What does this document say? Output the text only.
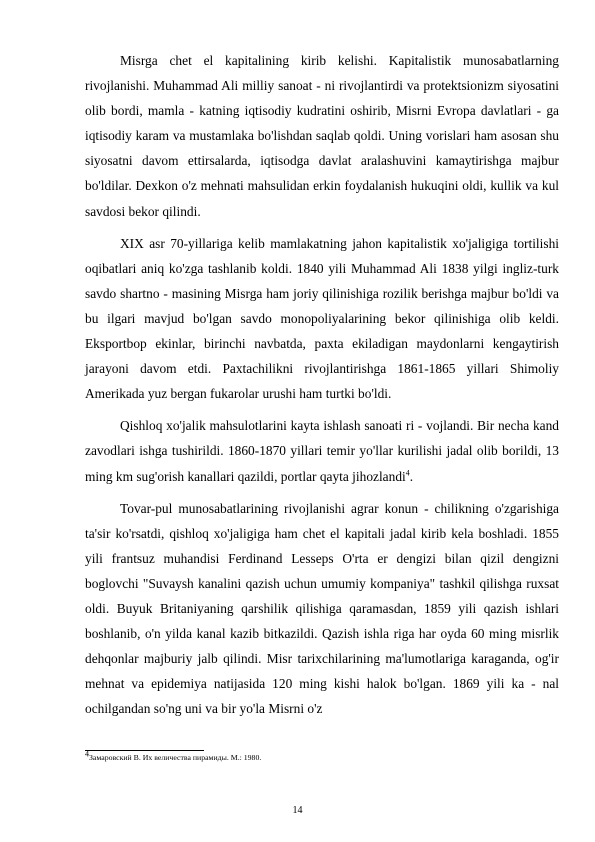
Misrga chet el kapitalining kirib kelishi. Kapitalistik munosabatlarning rivojlanishi. Muhammad Ali milliy sanoat - ni rivojlantirdi va protektsionizm siyosatini olib bordi, mamla - katning iqtisodiy kudratini oshirib, Misrni Evropa davlatlari - ga iqtisodiy karam va mustamlaka bo'lishdan saqlab qoldi. Uning vorislari ham asosan shu siyosatni davom ettirsalarda, iqtisodga davlat aralashuvini kamaytirishga majbur bo'ldilar. Dexkon o'z mehnati mahsulidan erkin foydalanish hukuqini oldi, kullik va kul savdosi bekor qilindi.

XIX asr 70-yillariga kelib mamlakatning jahon kapitalistik xo'jaligiga tortilishi oqibatlari aniq ko'zga tashlanib koldi. 1840 yili Muhammad Ali 1838 yilgi ingliz-turk savdo shartno - masining Misrga ham joriy qilinishiga rozilik berishga majbur bo'ldi va bu ilgari mavjud bo'lgan savdo monopoliyalarining bekor qilinishiga olib keldi. Eksportbop ekinlar, birinchi navbatda, paxta ekiladigan maydonlarni kengaytirish jarayoni davom etdi. Paxtachilikni rivojlantirishga 1861-1865 yillari Shimoliy Amerikada yuz bergan fukarolar urushi ham turtki bo'ldi.

Qishloq xo'jalik mahsulotlarini kayta ishlash sanoati ri - vojlandi. Bir necha kand zavodlari ishga tushirildi. 1860-1870 yillari temir yo'llar kurilishi jadal olib borildi, 13 ming km sug'orish kanallari qazildi, portlar qayta jihozlandi$^4$.

Tovar-pul munosabatlarining rivojlanishi agrar konun - chilikning o'zgarishiga ta'sir ko'rsatdi, qishloq xo'jaligiga ham chet el kapitali jadal kirib kela boshladi. 1855 yili frantsuz muhandisi Ferdinand Lesseps O'rta er dengizi bilan qizil dengizni boglovchi "Suvaysh kanalini qazish uchun umumiy kompaniya" tashkil qilishga ruxsat oldi. Buyuk Britaniyaning qarshilik qilishiga qaramasdan, 1859 yili qazish ishlari boshlanib, o'n yilda kanal kazib bitkazildi. Qazish ishla riga har oyda 60 ming misrlik dehqonlar majburiy jalb qilindi. Misr tarixchilarining ma'lumotlariga karaganda, og'ir mehnat va epidemiya natijasida 120 ming kishi halok bo'lgan. 1869 yili ka - nal ochilgandan so'ng uni va bir yo'la Misrni o'z

$^4$Замаровский В. Их величества пирамиды. М.: 1980.

14
